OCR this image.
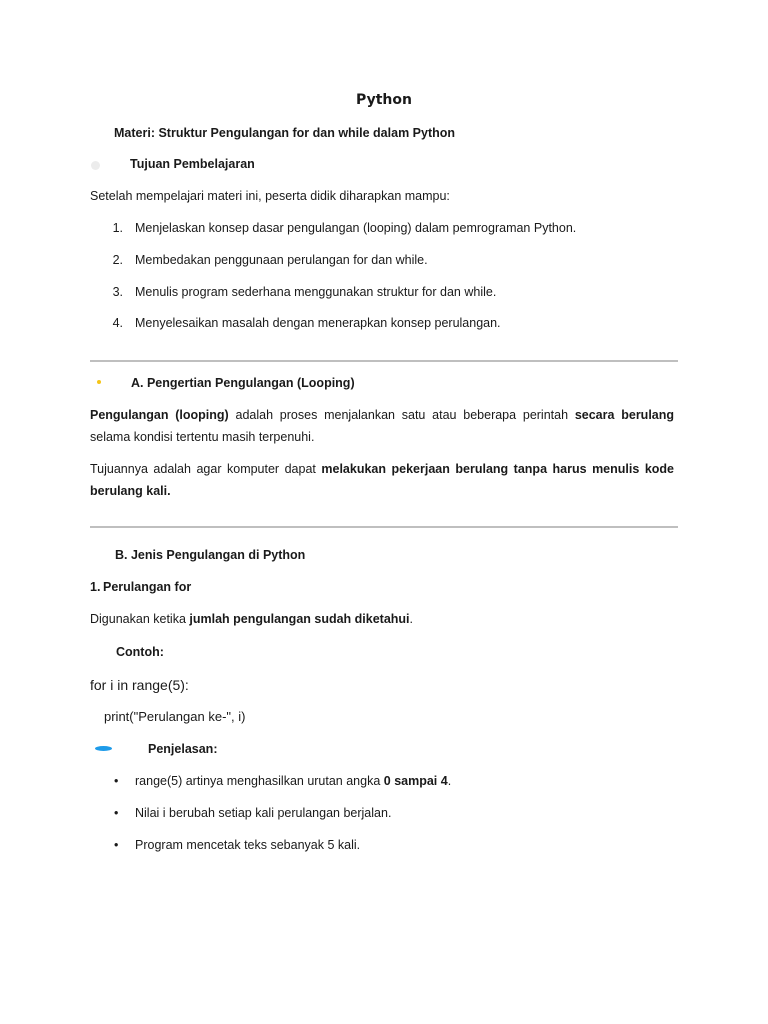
Python
Materi: Struktur Pengulangan for dan while dalam Python
Tujuan Pembelajaran
Setelah mempelajari materi ini, peserta didik diharapkan mampu:
1. Menjelaskan konsep dasar pengulangan (looping) dalam pemrograman Python.
2. Membedakan penggunaan perulangan for dan while.
3. Menulis program sederhana menggunakan struktur for dan while.
4. Menyelesaikan masalah dengan menerapkan konsep perulangan.
A. Pengertian Pengulangan (Looping)
Pengulangan (looping) adalah proses menjalankan satu atau beberapa perintah secara berulang selama kondisi tertentu masih terpenuhi.
Tujuannya adalah agar komputer dapat melakukan pekerjaan berulang tanpa harus menulis kode berulang kali.
B. Jenis Pengulangan di Python
1. Perulangan for
Digunakan ketika jumlah pengulangan sudah diketahui.
Contoh:
for i in range(5):
print("Perulangan ke-", i)
Penjelasan:
• range(5) artinya menghasilkan urutan angka 0 sampai 4.
• Nilai i berubah setiap kali perulangan berjalan.
• Program mencetak teks sebanyak 5 kali.
